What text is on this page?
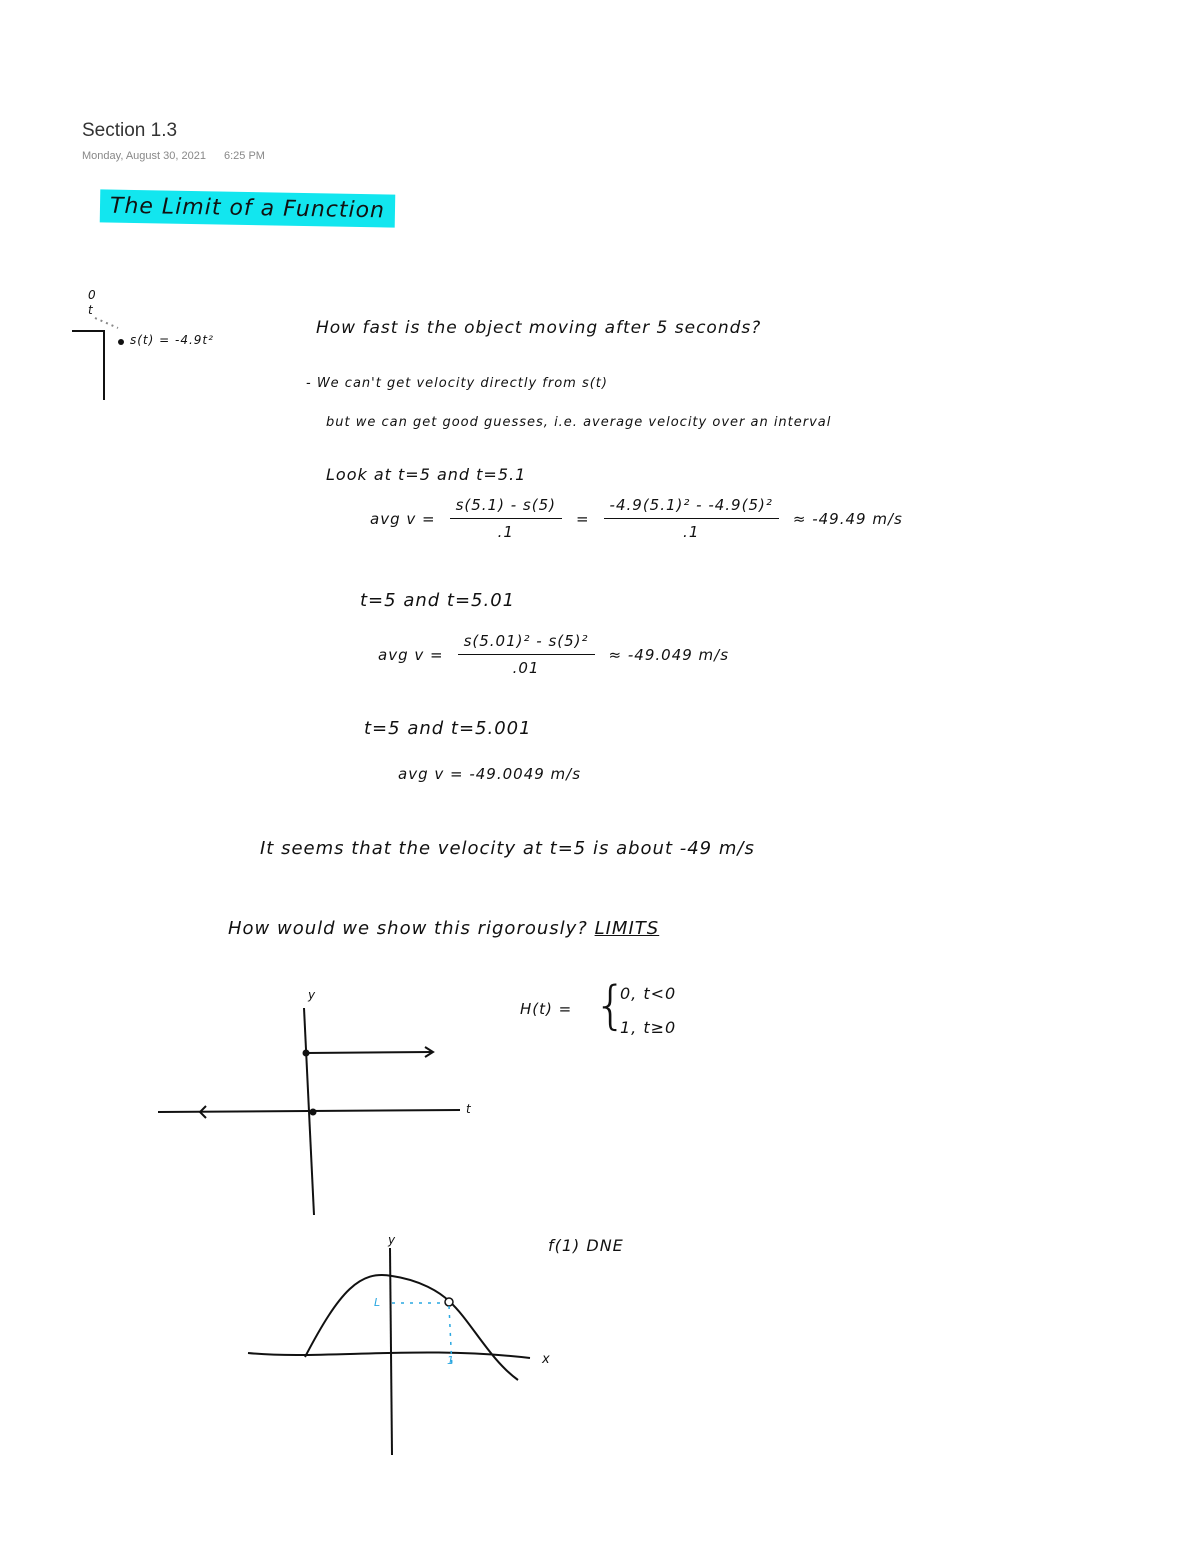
Section 1.3
Monday, August 30, 2021 6:25 PM
The Limit of a Function
0
t
s(t) = -4.9t²
How fast is the object moving after 5 seconds?
- We can't get velocity directly from s(t)
but we can get good guesses, i.e. average velocity over an interval
Look at t=5 and t=5.1
avg $v = \frac{s(5.1) - s(5)}{.1} = \frac{\text{-4.9(5.1)² - -4.9(5)²}}{.1} \approx -49.49$ m/s
t=5 and t=5.01
avg $v = \frac{\text{s(5.01)² - s(5)²}}{.01} \approx -49.049$ m/s
t=5 and t=5.001
avg v = -49.0049 m/s
It seems that the velocity at t=5 is about -49 m/s
How would we show this rigorously? LIMITS
y
t
H(t) = {
0, t<0
1, t≥0
y
x
L
1
f(1) DNE
